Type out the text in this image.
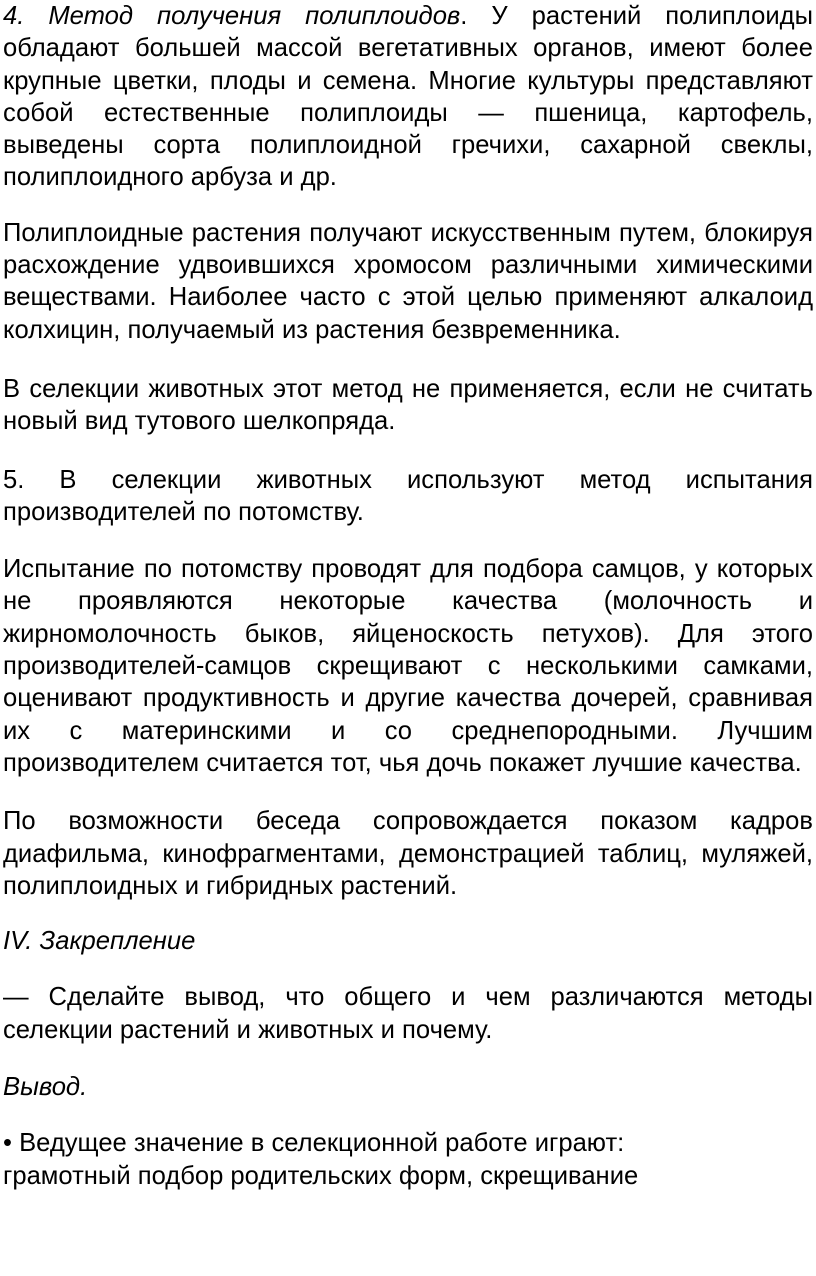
4. Метод получения полиплоидов. У растений полиплоиды обладают большей массой вегетативных органов, имеют более крупные цветки, плоды и семена. Многие культуры представляют собой естественные полиплоиды — пшеница, картофель, выведены сорта полиплоидной гречихи, сахарной свеклы, полиплоидного арбуза и др.

Полиплоидные растения получают искусственным путем, блокируя расхождение удвоившихся хромосом различными химическими веществами. Наиболее часто с этой целью применяют алкалоид колхицин, получаемый из растения безвременника.

В селекции животных этот метод не применяется, если не считать новый вид тутового шелкопряда.

5. В селекции животных используют метод испытания производителей по потомству.

Испытание по потомству проводят для подбора самцов, у которых не проявляются некоторые качества (молочность и жирномолочность быков, яйценоскость петухов). Для этого производителей-самцов скрещивают с несколькими самками, оценивают продуктивность и другие качества дочерей, сравнивая их с материнскими и со среднепородными. Лучшим производителем считается тот, чья дочь покажет лучшие качества.

По возможности беседа сопровождается показом кадров диафильма, кинофрагментами, демонстрацией таблиц, муляжей, полиплоидных и гибридных растений.

IV. Закрепление

— Сделайте вывод, что общего и чем различаются методы селекции растений и животных и почему.

Вывод.

• Ведущее значение в селекционной работе играют:
грамотный подбор родительских форм, скрещивание
